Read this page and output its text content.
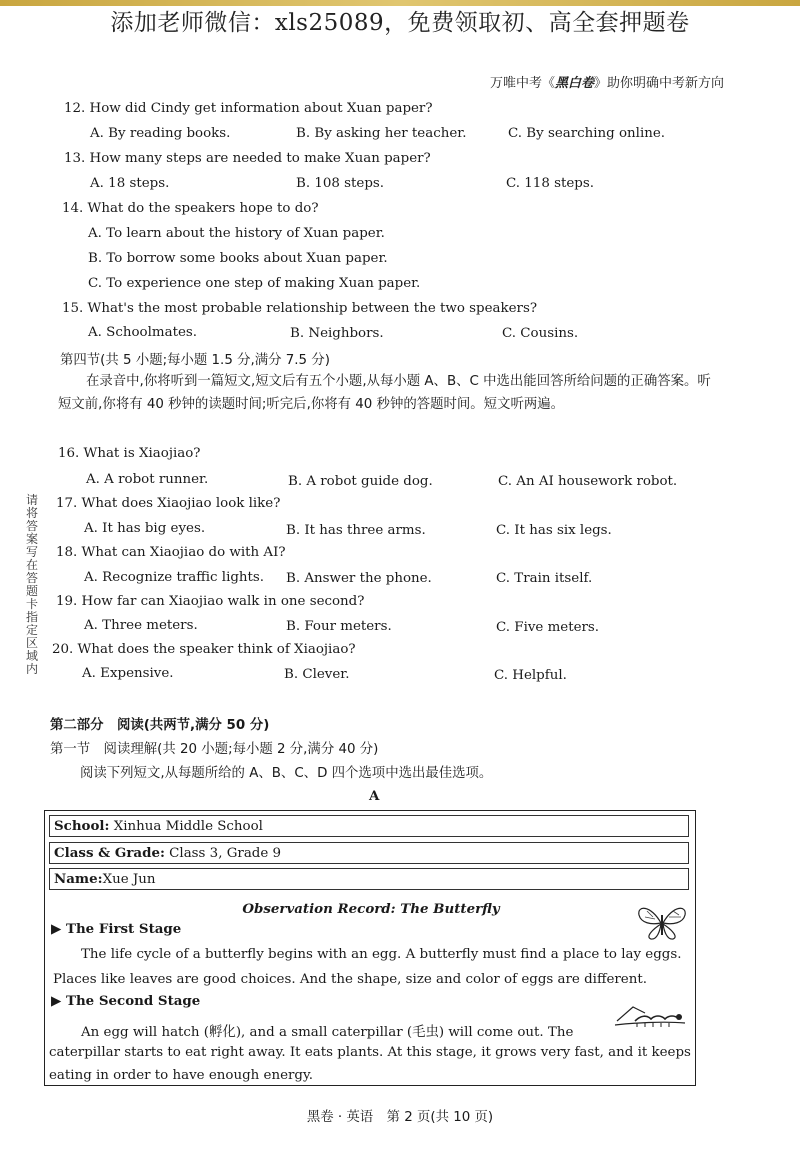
添加老师微信：xls25089，免费领取初、高全套押题卷
万唯中考《黑白卷》助你明确中考新方向
12. How did Cindy get information about Xuan paper?
A. By reading books.	B. By asking her teacher.	C. By searching online.
13. How many steps are needed to make Xuan paper?
A. 18 steps.	B. 108 steps.	C. 118 steps.
14. What do the speakers hope to do?
A. To learn about the history of Xuan paper.
B. To borrow some books about Xuan paper.
C. To experience one step of making Xuan paper.
15. What's the most probable relationship between the two speakers?
A. Schoolmates.	B. Neighbors.	C. Cousins.
第四节(共 5 小题;每小题 1.5 分,满分 7.5 分)
在录音中,你将听到一篇短文,短文后有五个小题,从每小题 A、B、C 中选出能回答所给问题的正确答案。听短文前,你将有 40 秒钟的读题时间;听完后,你将有 40 秒钟的答题时间。短文听两遍。
16. What is Xiaojiao?
A. A robot runner.	B. A robot guide dog.	C. An AI housework robot.
17. What does Xiaojiao look like?
A. It has big eyes.	B. It has three arms.	C. It has six legs.
18. What can Xiaojiao do with AI?
A. Recognize traffic lights. B. Answer the phone.	C. Train itself.
19. How far can Xiaojiao walk in one second?
A. Three meters.	B. Four meters.	C. Five meters.
20. What does the speaker think of Xiaojiao?
A. Expensive.	B. Clever.	C. Helpful.
请将答案写在答题卡指定区域内
第二部分　阅读(共两节,满分 50 分)
第一节　阅读理解(共 20 小题;每小题 2 分,满分 40 分)
阅读下列短文,从每题所给的 A、B、C、D 四个选项中选出最佳选项。
A
School: Xinhua Middle School
Class & Grade: Class 3, Grade 9
Name:Xue Jun
Observation Record: The Butterfly
▶ The First Stage
The life cycle of a butterfly begins with an egg. A butterfly must find a place to lay eggs.
Places like leaves are good choices. And the shape, size and color of eggs are different.
▶ The Second Stage
An egg will hatch (孵化), and a small caterpillar (毛虫) will come out. The
caterpillar starts to eat right away. It eats plants. At this stage, it grows very fast, and it keeps
eating in order to have enough energy.
黑卷 · 英语　第 2 页(共 10 页)
